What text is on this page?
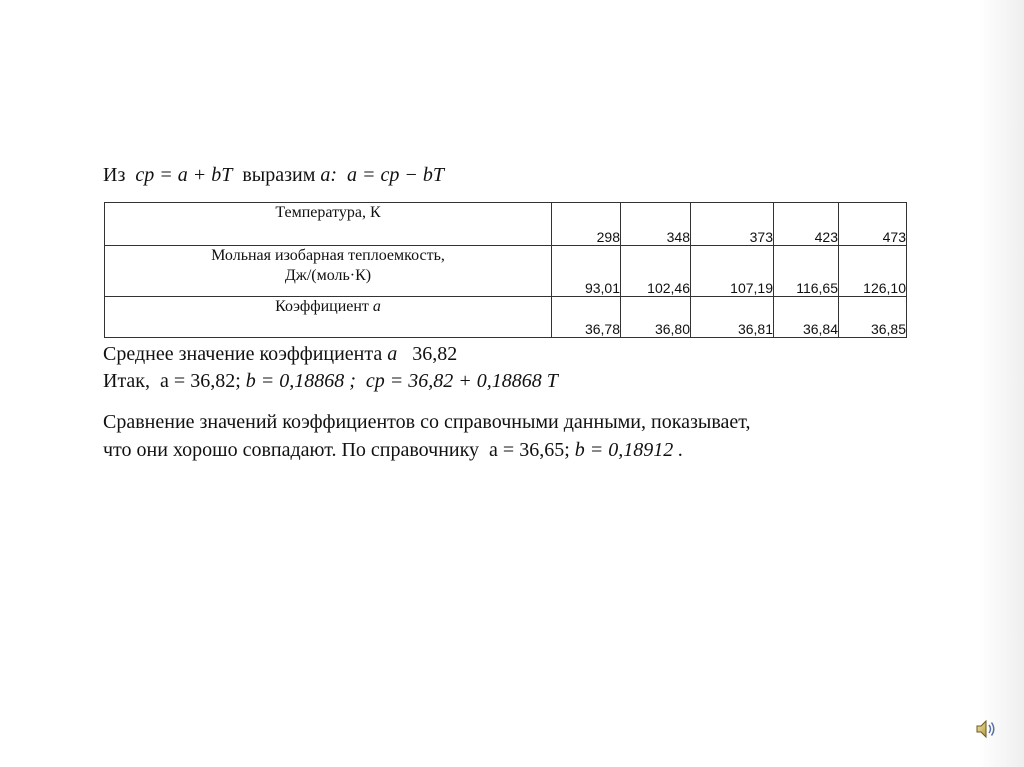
Из cp = a + bT выразим a: a = cp − bT
Температура, К	298	348	373	423	473

Мольная изобарная теплоемкость,
Дж/(моль·К)	93,01	102,46	107,19	116,65	126,10
Коэффициент a	36,78	36,80	36,81	36,84	36,85
Среднее значение коэффициента a 36,82
Итак, a = 36,82; b = 0,18868 ; cp = 36,82 + 0,18868 T
Сравнение значений коэффициентов со справочными данными, показывает,
что они хорошо совпадают. По справочнику a = 36,65; b = 0,18912 .
